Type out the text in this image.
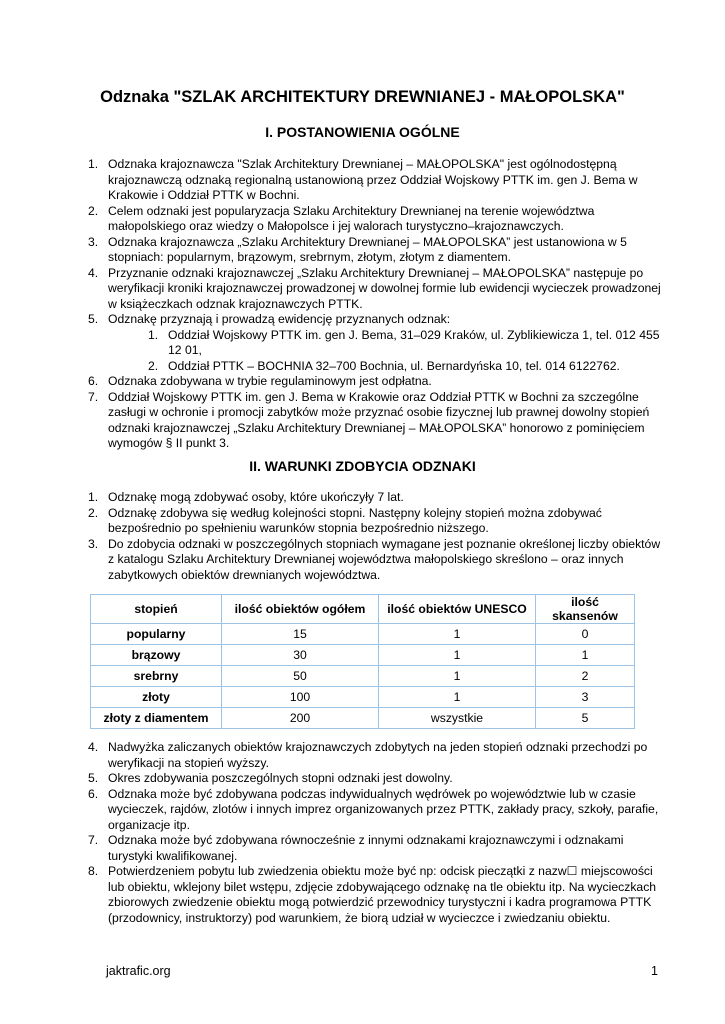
Odznaka "SZLAK ARCHITEKTURY DREWNIANEJ - MAŁOPOLSKA"
I. POSTANOWIENIA OGÓLNE
1. Odznaka krajoznawcza "Szlak Architektury Drewnianej – MAŁOPOLSKA" jest ogólnodostępną krajoznawczą odznaką regionalną ustanowioną przez Oddział Wojskowy PTTK im. gen J. Bema w Krakowie i Oddział PTTK w Bochni.
2. Celem odznaki jest popularyzacja Szlaku Architektury Drewnianej na terenie województwa małopolskiego oraz wiedzy o Małopolsce i jej walorach turystyczno–krajoznawczych.
3. Odznaka krajoznawcza „Szlaku Architektury Drewnianej – MAŁOPOLSKA” jest ustanowiona w 5 stopniach: popularnym, brązowym, srebrnym, złotym, złotym z diamentem.
4. Przyznanie odznaki krajoznawczej „Szlaku Architektury Drewnianej – MAŁOPOLSKA” następuje po weryfikacji kroniki krajoznawczej prowadzonej w dowolnej formie lub ewidencji wycieczek prowadzonej w książeczkach odznak krajoznawczych PTTK.
5. Odznakę przyznają i prowadzą ewidencję przyznanych odznak:
1. Oddział Wojskowy PTTK im. gen J. Bema, 31–029 Kraków, ul. Zyblikiewicza 1, tel. 012 455 12 01,
2. Oddział PTTK – BOCHNIA 32–700 Bochnia, ul. Bernardyńska 10, tel. 014 6122762.
6. Odznaka zdobywana w trybie regulaminowym jest odpłatna.
7. Oddział Wojskowy PTTK im. gen J. Bema w Krakowie oraz Oddział PTTK w Bochni za szczególne zasługi w ochronie i promocji zabytków może przyznać osobie fizycznej lub prawnej dowolny stopień odznaki krajoznawczej „Szlaku Architektury Drewnianej – MAŁOPOLSKA” honorowo z pominięciem wymogów § II punkt 3.
II. WARUNKI ZDOBYCIA ODZNAKI
1. Odznakę mogą zdobywać osoby, które ukończyły 7 lat.
2. Odznakę zdobywa się według kolejności stopni. Następny kolejny stopień można zdobywać bezpośrednio po spełnieniu warunków stopnia bezpośrednio niższego.
3. Do zdobycia odznaki w poszczególnych stopniach wymagane jest poznanie określonej liczby obiektów z katalogu Szlaku Architektury Drewnianej województwa małopolskiego skreślono – oraz innych zabytkowych obiektów drewnianych województwa.
stopień	ilość obiektów ogółem	ilość obiektów UNESCO	ilość skansenów
popularny	15	1	0
brązowy	30	1	1
srebrny	50	1	2
złoty	100	1	3
złoty z diamentem	200	wszystkie	5
4. Nadwyżka zaliczanych obiektów krajoznawczych zdobytych na jeden stopień odznaki przechodzi po weryfikacji na stopień wyższy.
5. Okres zdobywania poszczególnych stopni odznaki jest dowolny.
6. Odznaka może być zdobywana podczas indywidualnych wędrówek po województwie lub w czasie wycieczek, rajdów, zlotów i innych imprez organizowanych przez PTTK, zakłady pracy, szkoły, parafie, organizacje itp.
7. Odznaka może być zdobywana równocześnie z innymi odznakami krajoznawczymi i odznakami turystyki kwalifikowanej.
8. Potwierdzeniem pobytu lub zwiedzenia obiektu może być np: odcisk pieczątki z nazw☐ miejscowości lub obiektu, wklejony bilet wstępu, zdjęcie zdobywającego odznakę na tle obiektu itp. Na wycieczkach zbiorowych zwiedzenie obiektu mogą potwierdzić przewodnicy turystyczni i kadra programowa PTTK (przodownicy, instruktorzy) pod warunkiem, że biorą udział w wycieczce i zwiedzaniu obiektu.
jaktrafic.org	1
